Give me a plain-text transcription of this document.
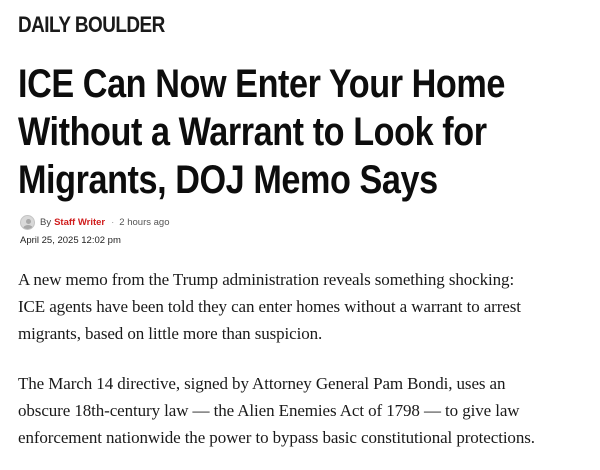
DAILY BOULDER
ICE Can Now Enter Your Home
Without a Warrant to Look for
Migrants, DOJ Memo Says
By Staff Writer · 2 hours ago
April 25, 2025 12:02 pm

A new memo from the Trump administration reveals something shocking:
ICE agents have been told they can enter homes without a warrant to arrest
migrants, based on little more than suspicion.

The March 14 directive, signed by Attorney General Pam Bondi, uses an
obscure 18th-century law — the Alien Enemies Act of 1798 — to give law
enforcement nationwide the power to bypass basic constitutional protections.
